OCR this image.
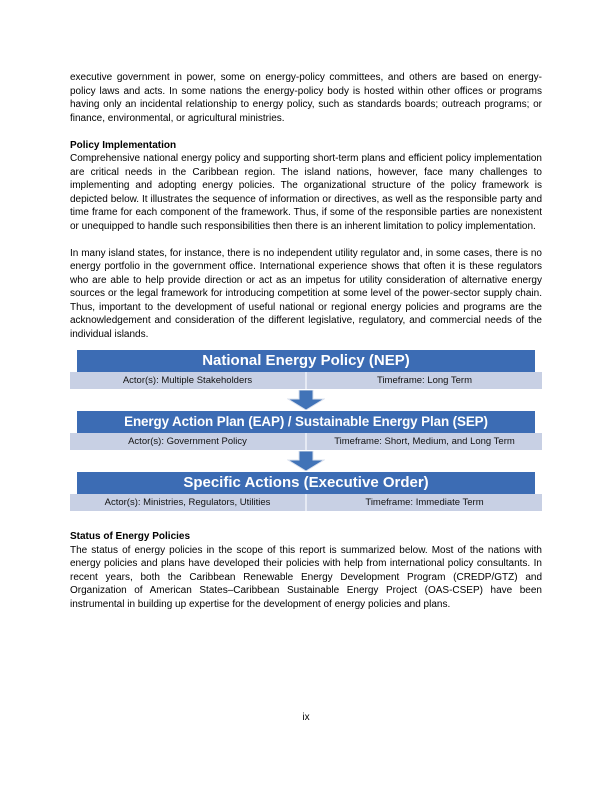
executive government in power, some on energy-policy committees, and others are based on energy-policy laws and acts. In some nations the energy-policy body is hosted within other offices or programs having only an incidental relationship to energy policy, such as standards boards; outreach programs; or finance, environmental, or agricultural ministries.

Policy Implementation

Comprehensive national energy policy and supporting short-term plans and efficient policy implementation are critical needs in the Caribbean region. The island nations, however, face many challenges to implementing and adopting energy policies. The organizational structure of the policy framework is depicted below. It illustrates the sequence of information or directives, as well as the responsible party and time frame for each component of the framework. Thus, if some of the responsible parties are nonexistent or unequipped to handle such responsibilities then there is an inherent limitation to policy implementation.

In many island states, for instance, there is no independent utility regulator and, in some cases, there is no energy portfolio in the government office. International experience shows that often it is these regulators who are able to help provide direction or act as an impetus for utility consideration of alternative energy sources or the legal framework for introducing competition at some level of the power-sector supply chain. Thus, important to the development of useful national or regional energy policies and programs are the acknowledgement and consideration of the different legislative, regulatory, and commercial needs of the individual islands.

National Energy Policy (NEP)
Actor(s): Multiple Stakeholders	Timeframe: Long Term
Energy Action Plan (EAP) / Sustainable Energy Plan (SEP)
Actor(s): Government Policy	Timeframe: Short, Medium, and Long Term
Specific Actions (Executive Order)
Actor(s): Ministries, Regulators, Utilities	Timeframe: Immediate Term
Status of Energy Policies

The status of energy policies in the scope of this report is summarized below. Most of the nations with energy policies and plans have developed their policies with help from international policy consultants. In recent years, both the Caribbean Renewable Energy Development Program (CREDP/GTZ) and Organization of American States–Caribbean Sustainable Energy Project (OAS-CSEP) have been instrumental in building up expertise for the development of energy policies and plans.

ix
